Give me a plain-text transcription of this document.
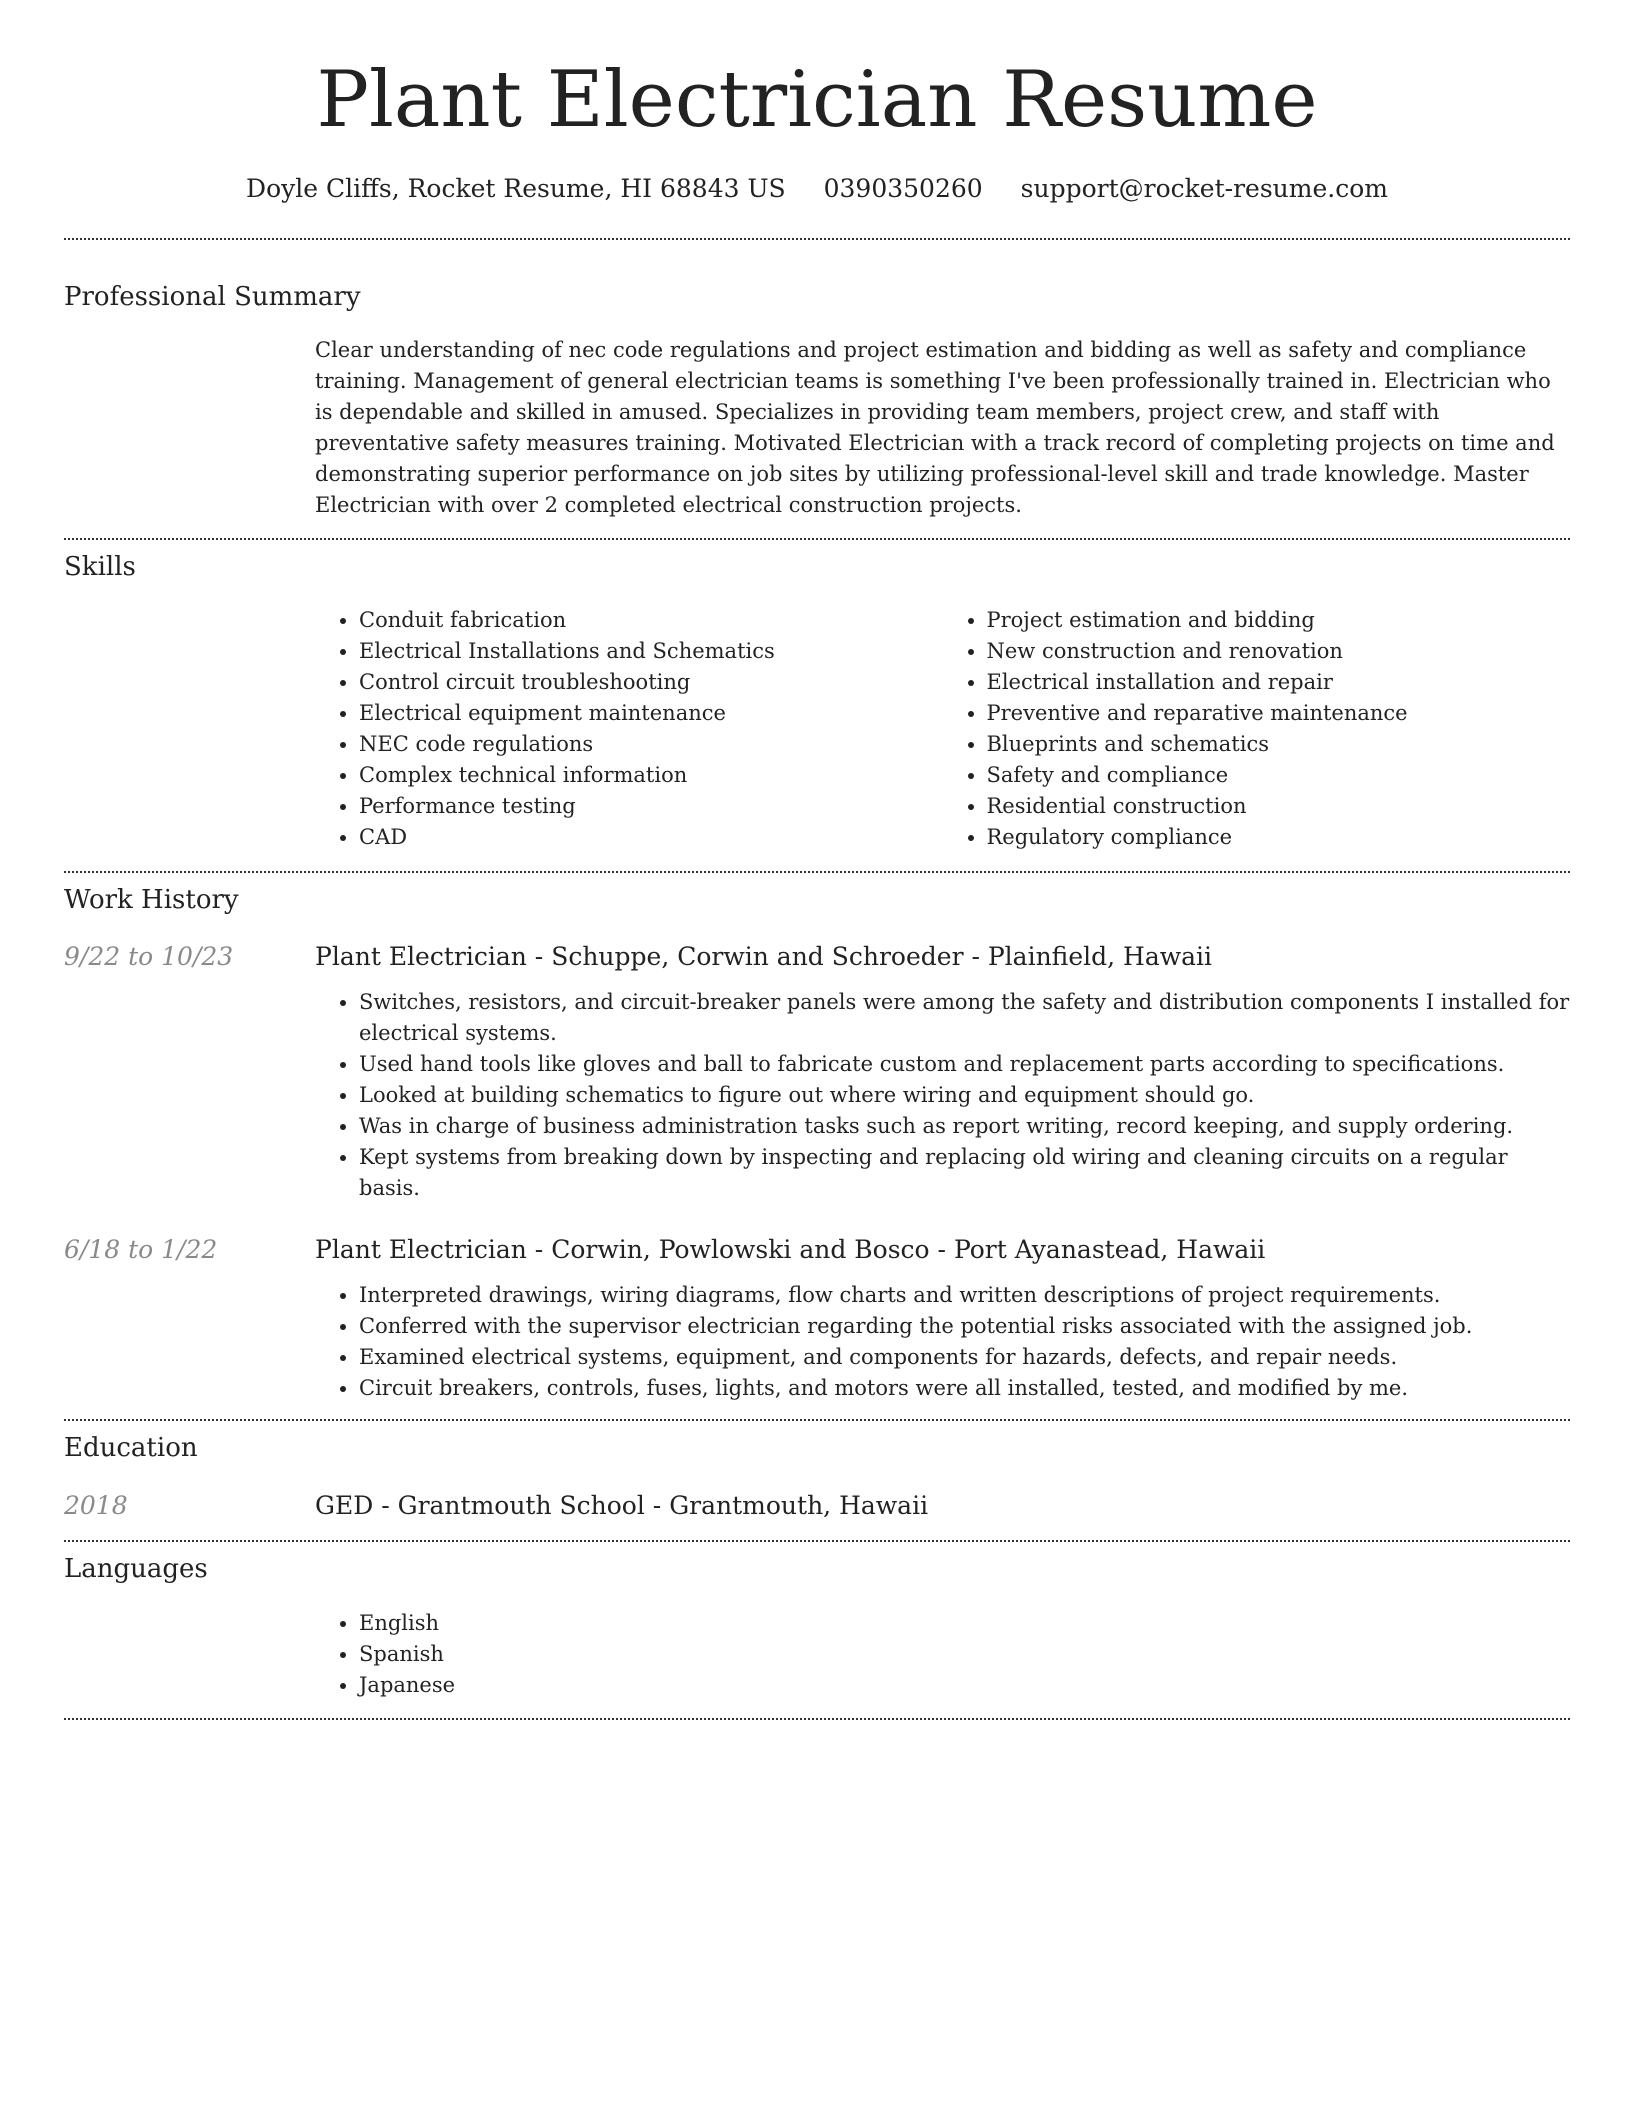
Plant Electrician Resume
Doyle Cliffs, Rocket Resume, HI 68843 US 0390350260 support@rocket-resume.com
Professional Summary
Clear understanding of nec code regulations and project estimation and bidding as well as safety and compliance training. Management of general electrician teams is something I've been professionally trained in. Electrician who is dependable and skilled in amused. Specializes in providing team members, project crew, and staff with preventative safety measures training. Motivated Electrician with a track record of completing projects on time and demonstrating superior performance on job sites by utilizing professional-level skill and trade knowledge. Master Electrician with over 2 completed electrical construction projects.
Skills
• Conduit fabrication
• Electrical Installations and Schematics
• Control circuit troubleshooting
• Electrical equipment maintenance
• NEC code regulations
• Complex technical information
• Performance testing
• CAD
• Project estimation and bidding
• New construction and renovation
• Electrical installation and repair
• Preventive and reparative maintenance
• Blueprints and schematics
• Safety and compliance
• Residential construction
• Regulatory compliance
Work History
9/22 to 10/23	Plant Electrician - Schuppe, Corwin and Schroeder - Plainfield, Hawaii
• Switches, resistors, and circuit-breaker panels were among the safety and distribution components I installed for electrical systems.
• Used hand tools like gloves and ball to fabricate custom and replacement parts according to specifications.
• Looked at building schematics to figure out where wiring and equipment should go.
• Was in charge of business administration tasks such as report writing, record keeping, and supply ordering.
• Kept systems from breaking down by inspecting and replacing old wiring and cleaning circuits on a regular basis.
6/18 to 1/22	Plant Electrician - Corwin, Powlowski and Bosco - Port Ayanastead, Hawaii
• Interpreted drawings, wiring diagrams, flow charts and written descriptions of project requirements.
• Conferred with the supervisor electrician regarding the potential risks associated with the assigned job.
• Examined electrical systems, equipment, and components for hazards, defects, and repair needs.
• Circuit breakers, controls, fuses, lights, and motors were all installed, tested, and modified by me.
Education
2018	GED - Grantmouth School - Grantmouth, Hawaii
Languages
• English
• Spanish
• Japanese
